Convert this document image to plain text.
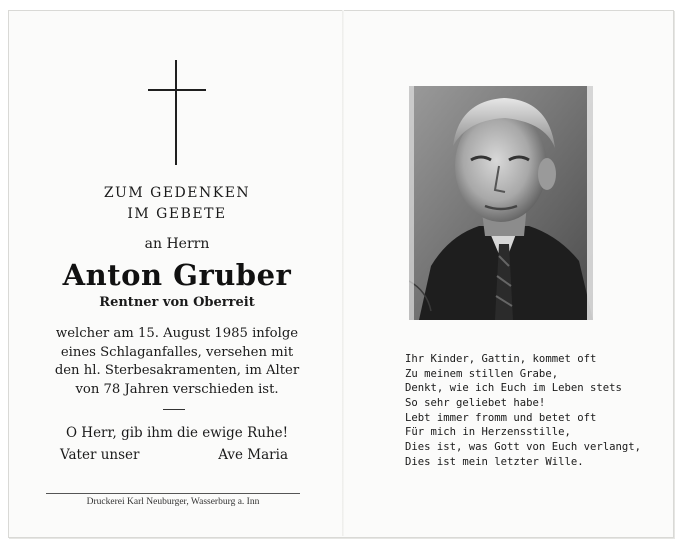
ZUM GEDENKEN
IM GEBETE
an Herrn
Anton Gruber
Rentner von Oberreit
welcher am 15. August 1985 infolge
eines Schlaganfalles, versehen mit
den hl. Sterbesakramenten, im Alter
von 78 Jahren verschieden ist.
O Herr, gib ihm die ewige Ruhe!
Vater unser	Ave Maria
Druckerei Karl Neuburger, Wasserburg a. Inn
Ihr Kinder, Gattin, kommet oft
Zu meinem stillen Grabe,
Denkt, wie ich Euch im Leben stets
So sehr geliebet habe!
Lebt immer fromm und betet oft
Für mich in Herzensstille,
Dies ist, was Gott von Euch verlangt,
Dies ist mein letzter Wille.
